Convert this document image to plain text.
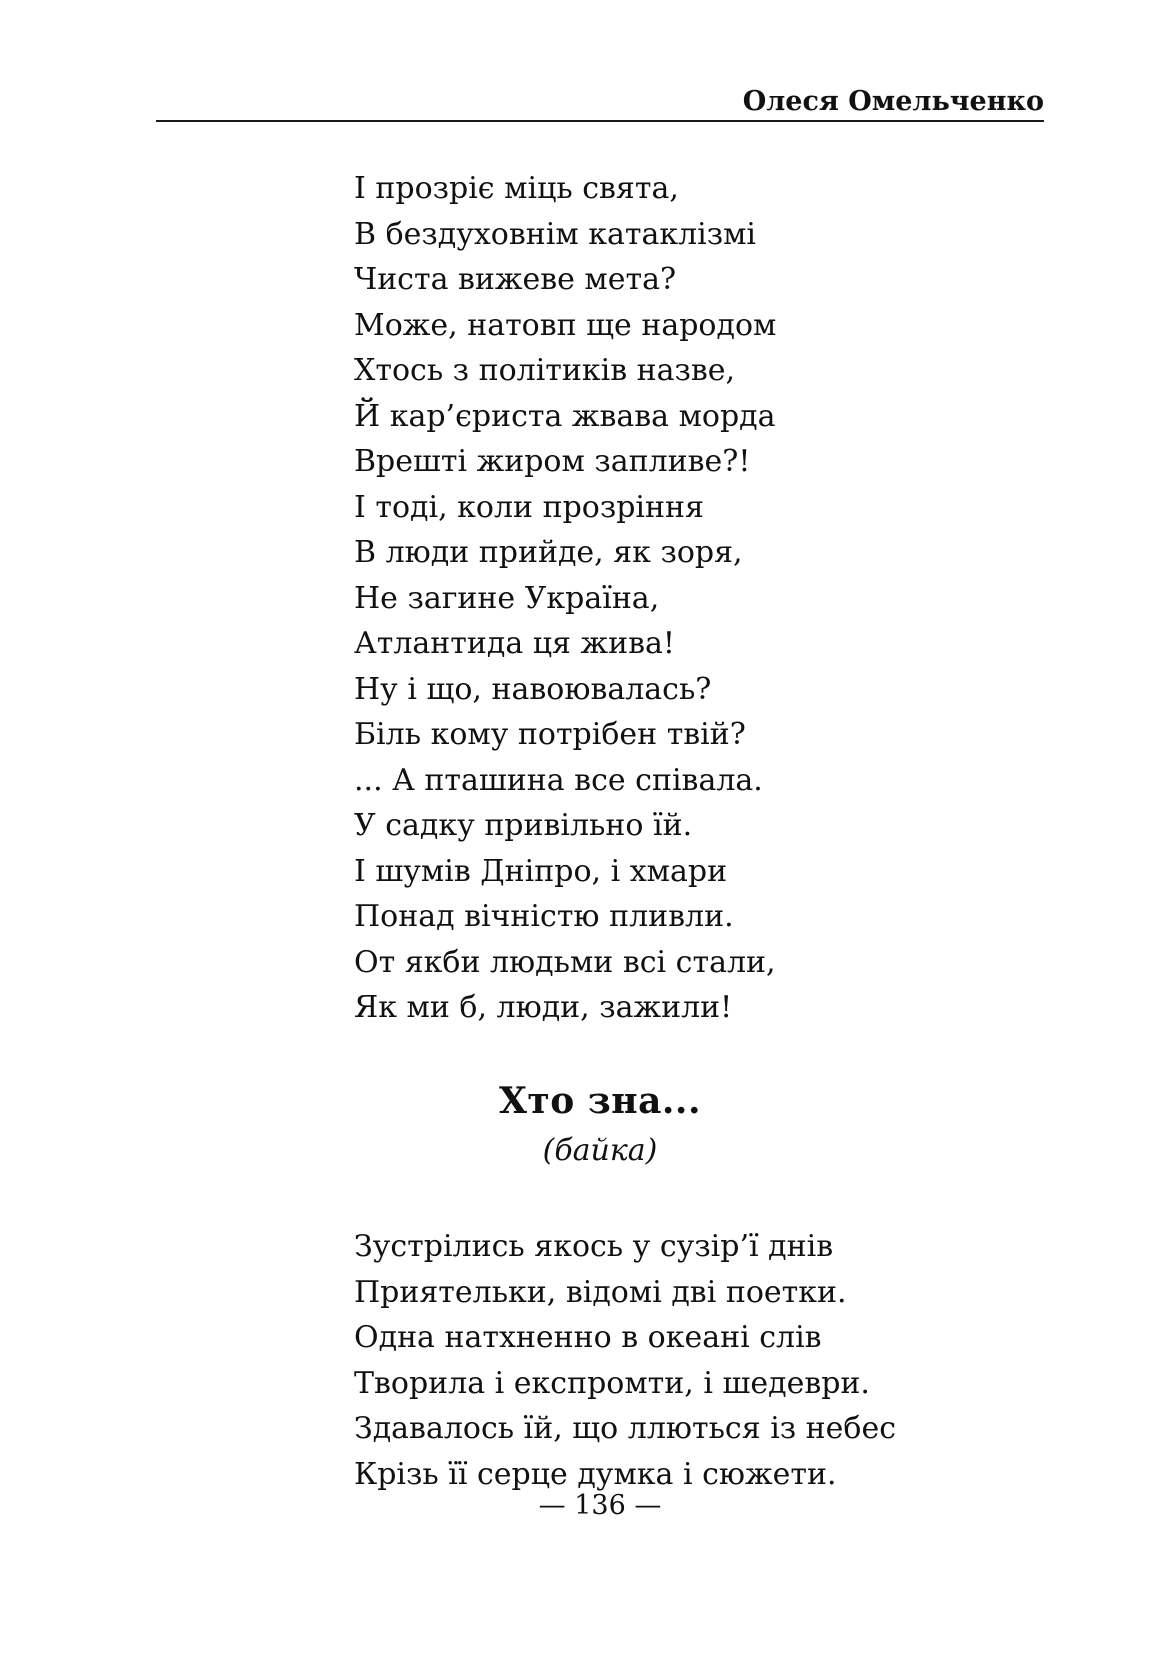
Олеся Омельченко
І прозріє міць свята,
В бездуховнім катаклізмі
Чиста вижеве мета?
Може, натовп ще народом
Хтось з політиків назве,
Й кар’єриста жвава морда
Врешті жиром запливе?!
І тоді, коли прозріння
В люди прийде, як зоря,
Не загине Україна,
Атлантида ця жива!
Ну і що, навоювалась?
Біль кому потрібен твій?
... А пташина все співала.
У садку привільно їй.
І шумів Дніпро, і хмари
Понад вічністю пливли.
От якби людьми всі стали,
Як ми б, люди, зажили!
Хто зна...
(байка)
Зустрілись якось у сузір’ї днів
Приятельки, відомі дві поетки.
Одна натхненно в океані слів
Творила і експромти, і шедеври.
Здавалось їй, що ллються із небес
Крізь її серце думка і сюжети.
— 136 —
